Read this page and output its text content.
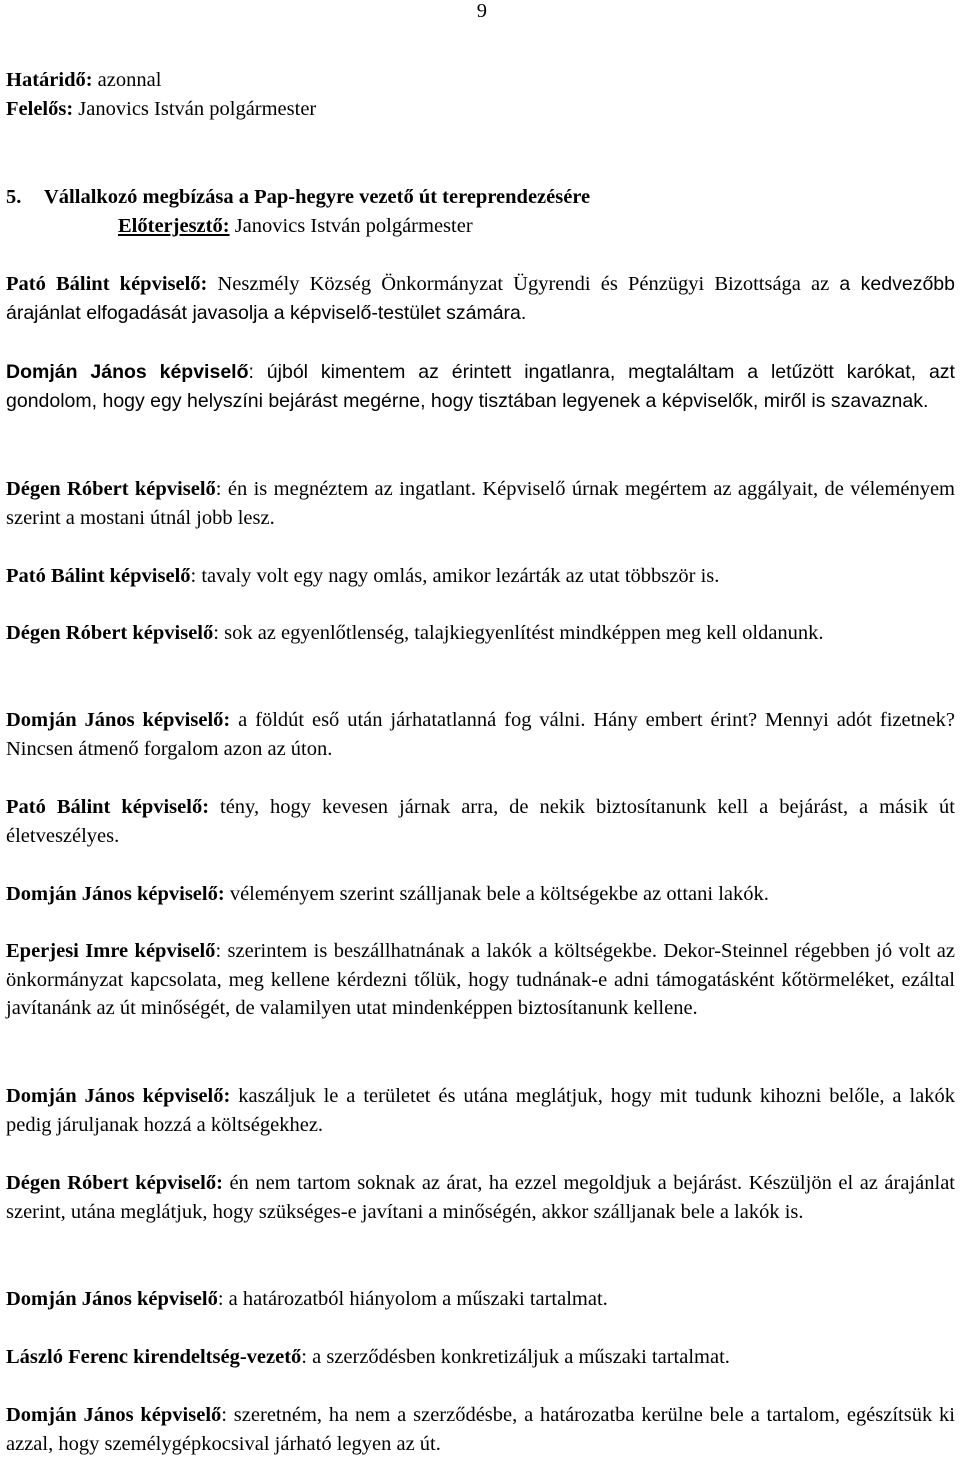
9
Határidő: azonnal
Felelős: Janovics István polgármester
5. Vállalkozó megbízása a Pap-hegyre vezető út tereprendezésére
Előterjesztő: Janovics István polgármester

Pató Bálint képviselő: Neszmély Község Önkormányzat Ügyrendi és Pénzügyi Bizottsága az a kedvezőbb árajánlat elfogadását javasolja a képviselő-testület számára.

Domján János képviselő: újból kimentem az érintett ingatlanra, megtaláltam a letűzött karókat, azt gondolom, hogy egy helyszíni bejárást megérne, hogy tisztában legyenek a képviselők, miről is szavaznak.

Dégen Róbert képviselő: én is megnéztem az ingatlant. Képviselő úrnak megértem az aggályait, de véleményem szerint a mostani útnál jobb lesz.

Pató Bálint képviselő: tavaly volt egy nagy omlás, amikor lezárták az utat többször is.

Dégen Róbert képviselő: sok az egyenlőtlenség, talajkiegyenlítést mindképpen meg kell oldanunk.

Domján János képviselő: a földút eső után járhatatlanná fog válni. Hány embert érint? Mennyi adót fizetnek? Nincsen átmenő forgalom azon az úton.

Pató Bálint képviselő: tény, hogy kevesen járnak arra, de nekik biztosítanunk kell a bejárást, a másik út életveszélyes.

Domján János képviselő: véleményem szerint szálljanak bele a költségekbe az ottani lakók.

Eperjesi Imre képviselő: szerintem is beszállhatnának a lakók a költségekbe. Dekor-Steinnel régebben jó volt az önkormányzat kapcsolata, meg kellene kérdezni tőlük, hogy tudnának-e adni támogatásként kőtörmeléket, ezáltal javítanánk az út minőségét, de valamilyen utat mindenképpen biztosítanunk kellene.

Domján János képviselő: kaszáljuk le a területet és utána meglátjuk, hogy mit tudunk kihozni belőle, a lakók pedig járuljanak hozzá a költségekhez.

Dégen Róbert képviselő: én nem tartom soknak az árat, ha ezzel megoldjuk a bejárást. Készüljön el az árajánlat szerint, utána meglátjuk, hogy szükséges-e javítani a minőségén, akkor szálljanak bele a lakók is.

Domján János képviselő: a határozatból hiányolom a műszaki tartalmat.

László Ferenc kirendeltség-vezető: a szerződésben konkretizáljuk a műszaki tartalmat.

Domján János képviselő: szeretném, ha nem a szerződésbe, a határozatba kerülne bele a tartalom, egészítsük ki azzal, hogy személygépkocsival járható legyen az út.
